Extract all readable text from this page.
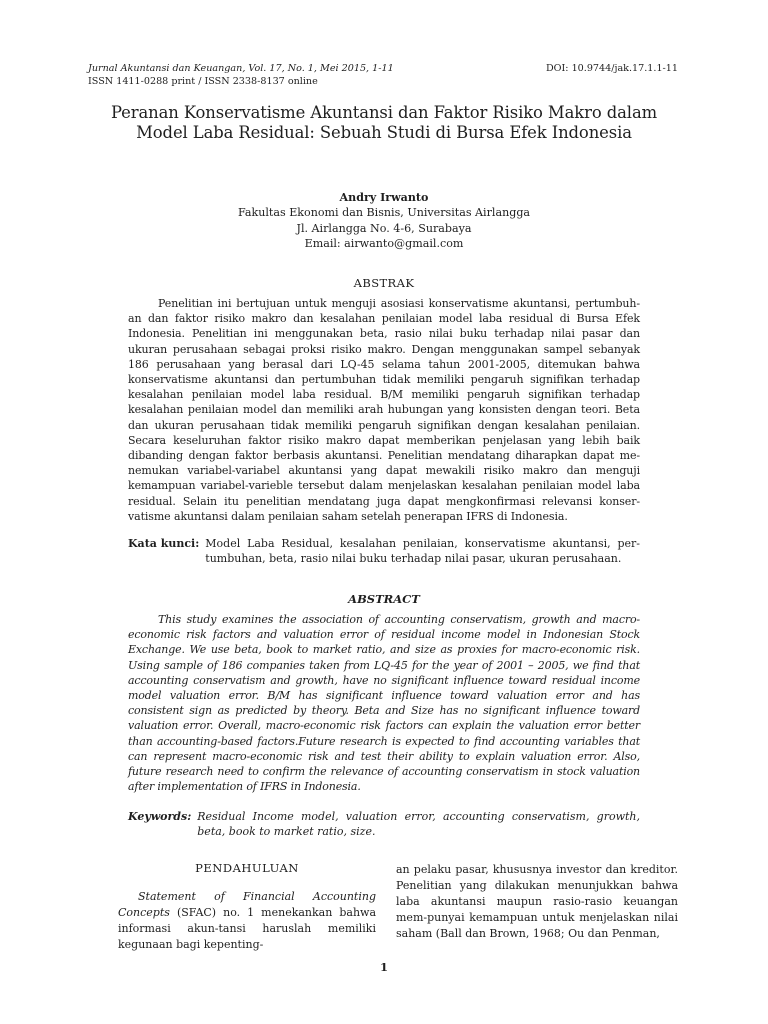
Jurnal Akuntansi dan Keuangan, Vol. 17, No. 1, Mei 2015, 1-11
ISSN 1411-0288 print / ISSN 2338-8137 online
DOI: 10.9744/jak.17.1.1-11
Peranan Konservatisme Akuntansi dan Faktor Risiko Makro dalam Model Laba Residual: Sebuah Studi di Bursa Efek Indonesia
Andry Irwanto
Fakultas Ekonomi dan Bisnis, Universitas Airlangga
Jl. Airlangga No. 4-6, Surabaya
Email: airwanto@gmail.com
ABSTRAK

Penelitian ini bertujuan untuk menguji asosiasi konservatisme akuntansi, pertumbuh-an dan faktor risiko makro dan kesalahan penilaian model laba residual di Bursa Efek Indonesia. Penelitian ini menggunakan beta, rasio nilai buku terhadap nilai pasar dan ukuran perusahaan sebagai proksi risiko makro. Dengan menggunakan sampel sebanyak 186 perusahaan yang berasal dari LQ-45 selama tahun 2001-2005, ditemukan bahwa konservatisme akuntansi dan pertumbuhan tidak memiliki pengaruh signifikan terhadap kesalahan penilaian model laba residual. B/M memiliki pengaruh signifikan terhadap kesalahan penilaian model dan memiliki arah hubungan yang konsisten dengan teori. Beta dan ukuran perusahaan tidak memiliki pengaruh signifikan dengan kesalahan penilaian. Secara keseluruhan faktor risiko makro dapat memberikan penjelasan yang lebih baik dibanding dengan faktor berbasis akuntansi. Penelitian mendatang diharapkan dapat me-nemukan variabel-variabel akuntansi yang dapat mewakili risiko makro dan menguji kemampuan variabel-varieble tersebut dalam menjelaskan kesalahan penilaian model laba residual. Selain itu penelitian mendatang juga dapat mengkonfirmasi relevansi konser-vatisme akuntansi dalam penilaian saham setelah penerapan IFRS di Indonesia.

Kata kunci: Model Laba Residual, kesalahan penilaian, konservatisme akuntansi, per-tumbuhan, beta, rasio nilai buku terhadap nilai pasar, ukuran perusahaan.
ABSTRACT

This study examines the association of accounting conservatism, growth and macro-economic risk factors and valuation error of residual income model in Indonesian Stock Exchange. We use beta, book to market ratio, and size as proxies for macro-economic risk. Using sample of 186 companies taken from LQ-45 for the year of 2001 – 2005, we find that accounting conservatism and growth, have no significant influence toward residual income model valuation error. B/M has significant influence toward valuation error and has consistent sign as predicted by theory. Beta and Size has no significant influence toward valuation error. Overall, macro-economic risk factors can explain the valuation error better than accounting-based factors.Future research is expected to find accounting variables that can represent macro-economic risk and test their ability to explain valuation error. Also, future research need to confirm the relevance of accounting conservatism in stock valuation after implementation of IFRS in Indonesia.

Keywords: Residual Income model, valuation error, accounting conservatism, growth, beta, book to market ratio, size.
PENDAHULUAN

Statement of Financial Accounting Concepts (SFAC) no. 1 menekankan bahwa informasi akun-tansi haruslah memiliki kegunaan bagi kepenting-

an pelaku pasar, khususnya investor dan kreditor. Penelitian yang dilakukan menunjukkan bahwa laba akuntansi maupun rasio-rasio keuangan mem-punyai kemampuan untuk menjelaskan nilai saham (Ball dan Brown, 1968; Ou dan Penman,

1
